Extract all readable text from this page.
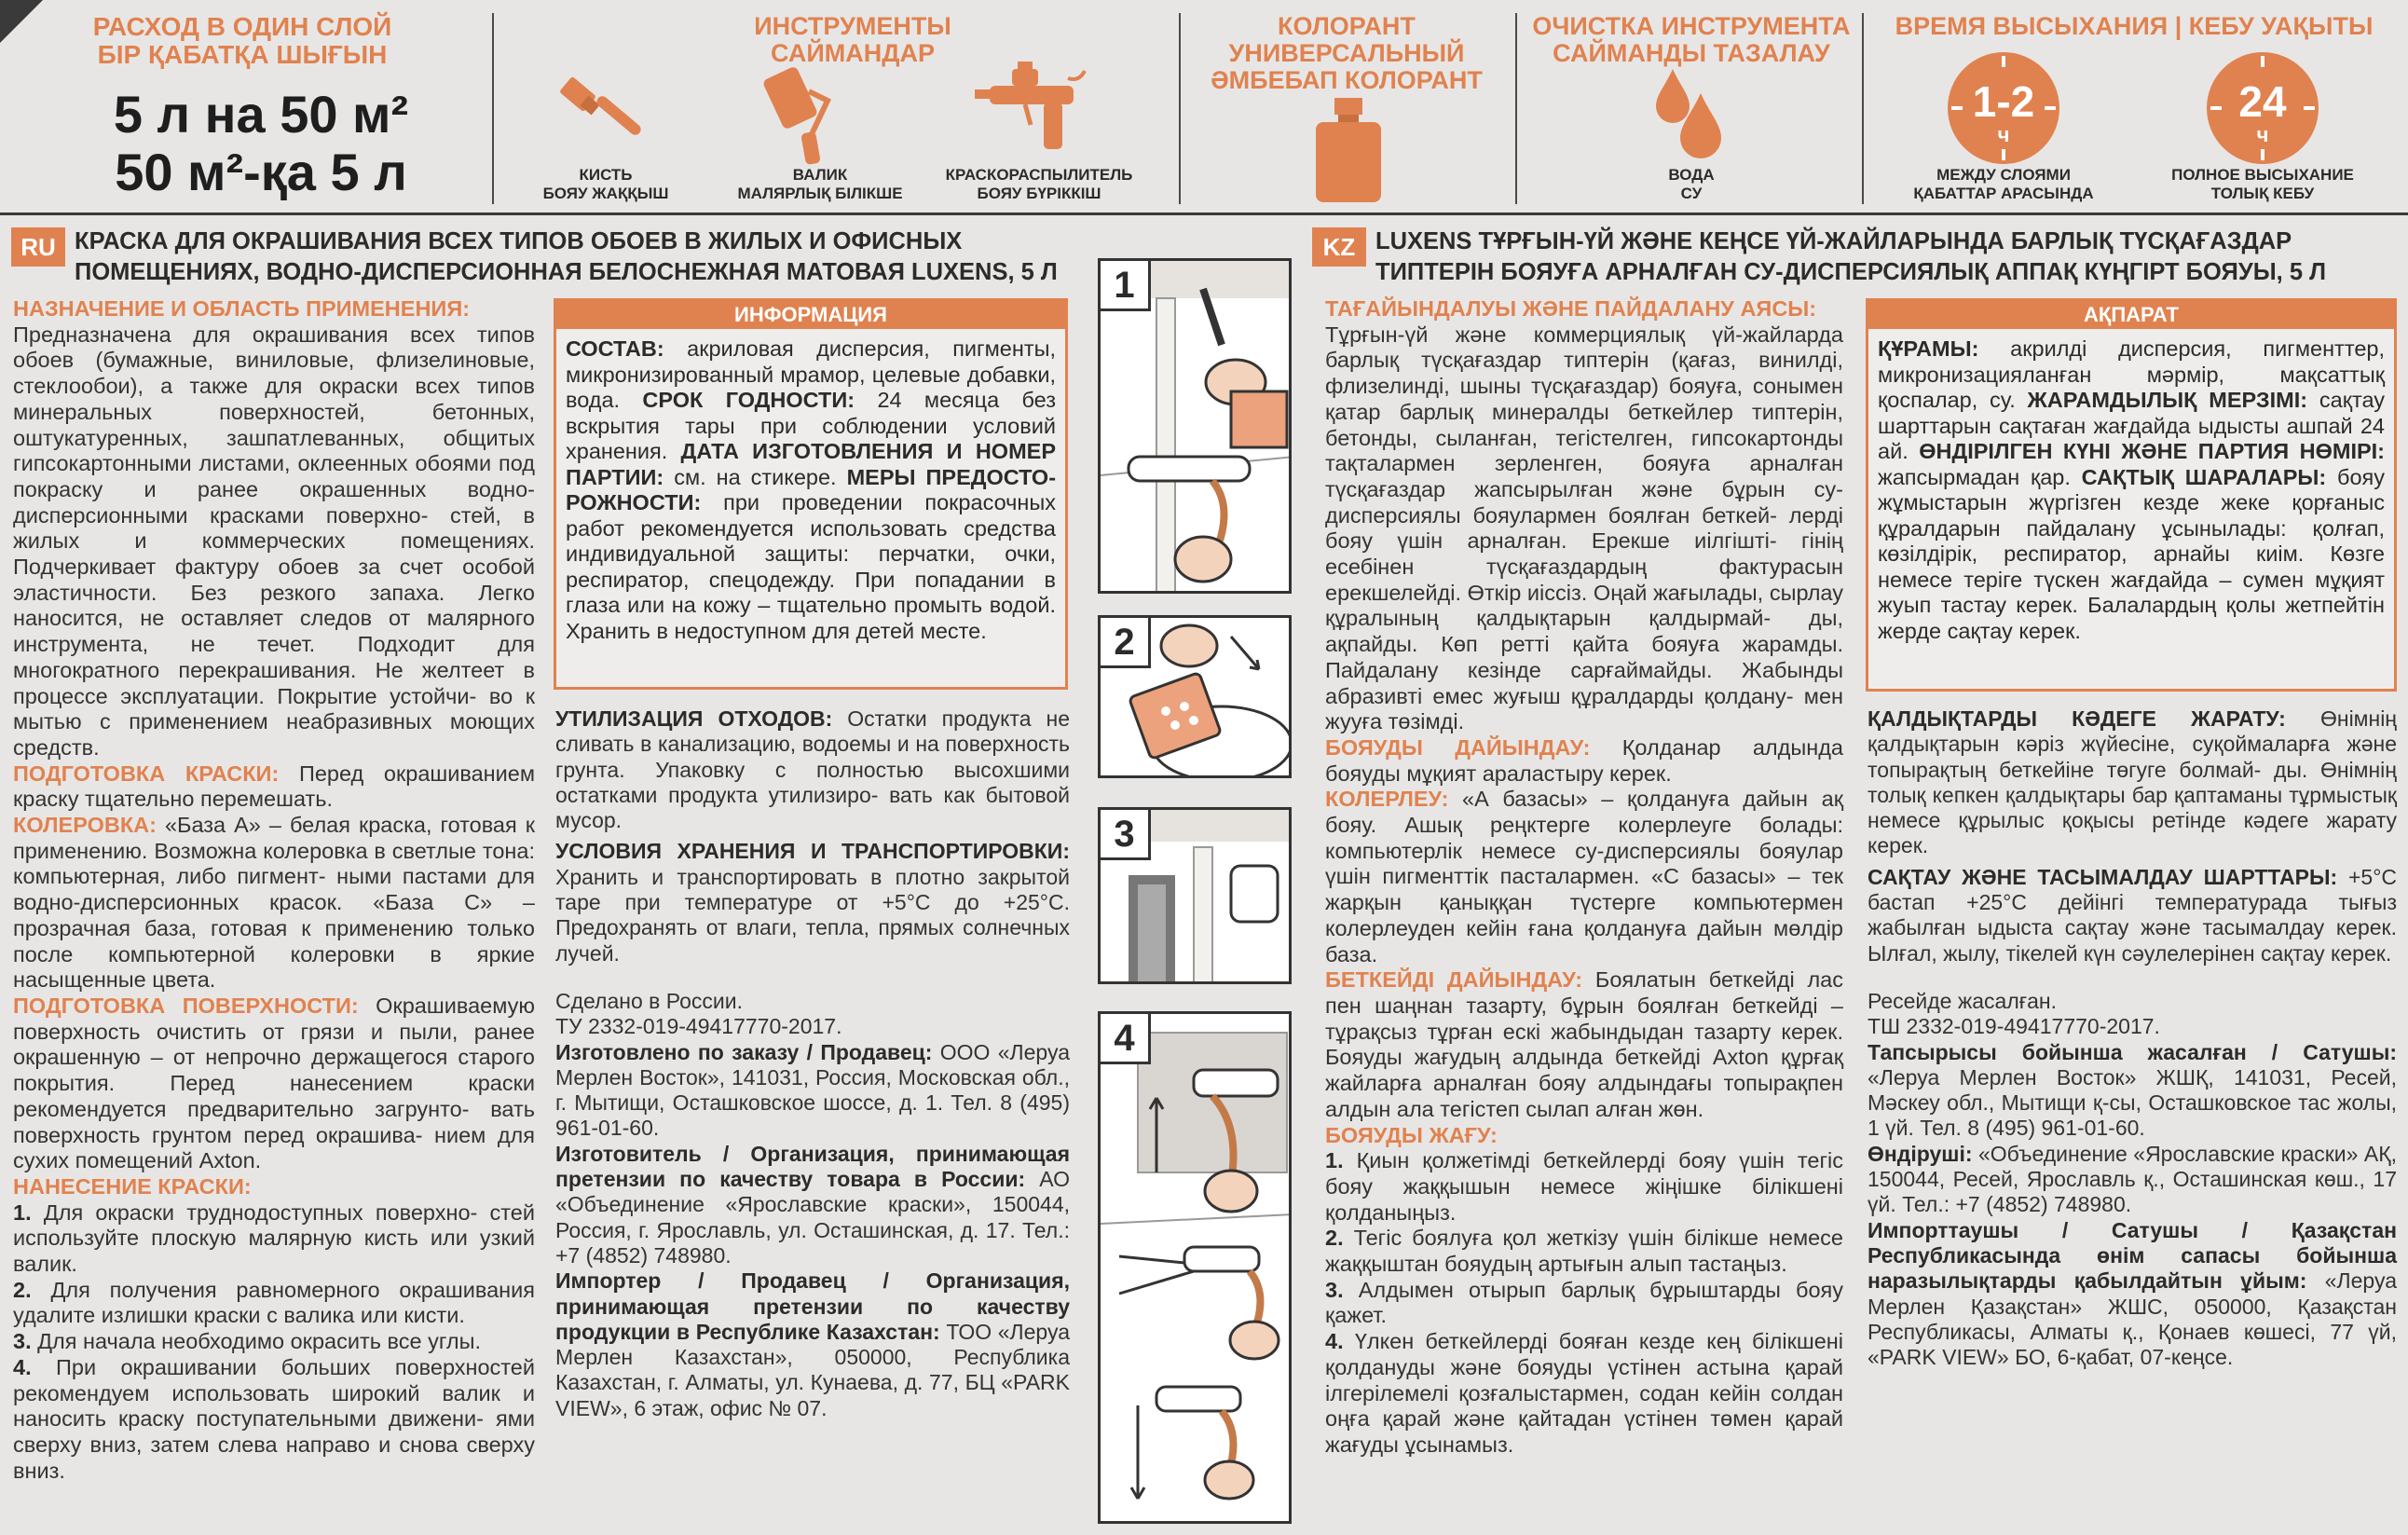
РАСХОД В ОДИН СЛОЙ
БІР ҚАБАТҚА ШЫҒЫН
5 л на 50 м²
50 м²-қа 5 л
ИНСТРУМЕНТЫ
САЙМАНДАР
КИСТЬ
БОЯУ ЖАҚҚЫШ
ВАЛИК
МАЛЯРЛЫҚ БІЛІКШЕ
КРАСКОРАСПЫЛИТЕЛЬ
БОЯУ БҮРІККІШ
КОЛОРАНТ
УНИВЕРСАЛЬНЫЙ
ӘМБЕБАП КОЛОРАНТ
ОЧИСТКА ИНСТРУМЕНТА
САЙМАНДЫ ТАЗАЛАУ
ВОДА
СУ
ВРЕМЯ ВЫСЫХАНИЯ | КЕБУ УАҚЫТЫ
1-2
ч
24
ч
МЕЖДУ СЛОЯМИ
ҚАБАТТАР АРАСЫНДА
ПОЛНОЕ ВЫСЫХАНИЕ
ТОЛЫҚ КЕБУ
RU КРАСКА ДЛЯ ОКРАШИВАНИЯ ВСЕХ ТИПОВ ОБОЕВ В ЖИЛЫХ И ОФИСНЫХ
ПОМЕЩЕНИЯХ, ВОДНО-ДИСПЕРСИОННАЯ БЕЛОСНЕЖНАЯ МАТОВАЯ LUXENS, 5 Л
KZ LUXENS ТҰРҒЫН-ҮЙ ЖӘНЕ КЕҢСЕ ҮЙ-ЖАЙЛАРЫНДА БАРЛЫҚ ТҮСҚАҒАЗДАР
ТИПТЕРІН БОЯУҒА АРНАЛҒАН СУ-ДИСПЕРСИЯЛЫҚ АППАҚ КҮҢГІРТ БОЯУЫ, 5 Л

НАЗНАЧЕНИЕ И ОБЛАСТЬ ПРИМЕНЕНИЯ:

Предназначена для окрашивания всех типов обоев (бумажные, виниловые, флизелиновые, стеклообои), а также для окраски всех типов минеральных поверхностей, бетонных, оштукатуренных, зашпатлеванных, общитых гипсокартонными листами, оклеенных обоями под покраску и ранее окрашенных водно- дисперсионными красками поверхно- стей, в жилых и коммерческих помещениях. Подчеркивает фактуру обоев за счет особой эластичности. Без резкого запаха. Легко наносится, не оставляет следов от малярного инструмента, не течет. Подходит для многократного перекрашивания. Не желтеет в процессе эксплуатации. Покрытие устойчи- во к мытью с применением неабразивных моющих средств.

ПОДГОТОВКА КРАСКИ: Перед окрашиванием краску тщательно перемешать.

КОЛЕРОВКА: «База А» – белая краска, готовая к применению. Возможна колеровка в светлые тона: компьютерная, либо пигмент- ными пастами для водно-дисперсионных красок. «База С» – прозрачная база, готовая к применению только после компьютерной колеровки в яркие насыщенные цвета.

ПОДГОТОВКА ПОВЕРХНОСТИ: Окрашиваемую поверхность очистить от грязи и пыли, ранее окрашенную – от непрочно держащегося старого покрытия. Перед нанесением краски рекомендуется предварительно загрунто- вать поверхность грунтом перед окрашива- нием для сухих помещений Axton.

НАНЕСЕНИЕ КРАСКИ:

1. Для окраски труднодоступных поверхно- стей используйте плоскую малярную кисть или узкий валик.

2. Для получения равномерного окрашивания удалите излишки краски с валика или кисти.

3. Для начала необходимо окрасить все углы.

4. При окрашивании больших поверхностей рекомендуем использовать широкий валик и наносить краску поступательными движени- ями сверху вниз, затем слева направо и снова сверху вниз.

ИНФОРМАЦИЯ
СОСТАВ: акриловая дисперсия, пигменты, микронизированный мрамор, целевые добавки, вода. СРОК ГОДНОСТИ: 24 месяца без вскрытия тары при соблюдении условий хранения. ДАТА ИЗГОТОВЛЕНИЯ И НОМЕР ПАРТИИ: см. на стикере. МЕРЫ ПРЕДОСТО- РОЖНОСТИ: при проведении покрасочных работ рекомендуется использовать средства индивидуальной защиты: перчатки, очки, респиратор, спецодежду. При попадании в глаза или на кожу – тщательно промыть водой. Хранить в недоступном для детей месте.

УТИЛИЗАЦИЯ ОТХОДОВ: Остатки продукта не сливать в канализацию, водоемы и на поверхность грунта. Упаковку с полностью высохшими остатками продукта утилизиро- вать как бытовой мусор.

УСЛОВИЯ ХРАНЕНИЯ И ТРАНСПОРТИРОВКИ: Хранить и транспортировать в плотно закрытой таре при температуре от +5°С до +25°С. Предохранять от влаги, тепла, прямых солнечных лучей.

Сделано в России.

ТУ 2332-019-49417770-2017.

Изготовлено по заказу / Продавец: ООО «Леруа Мерлен Восток», 141031, Россия, Московская обл., г. Мытищи, Осташковское шоссе, д. 1. Тел. 8 (495) 961-01-60.

Изготовитель / Организация, принимающая претензии по качеству товара в России: АО «Объединение «Ярославские краски», 150044, Россия, г. Ярославль, ул. Осташинская, д. 17. Тел.: +7 (4852) 748980.

Импортер / Продавец / Организация, принимающая претензии по качеству продукции в Республике Казахстан: ТОО «Леруа Мерлен Казахстан», 050000, Республика Казахстан, г. Алматы, ул. Кунаева, д. 77, БЦ «PARK VIEW», 6 этаж, офис № 07.

1
2
3
4

ТАҒАЙЫНДАЛУЫ ЖӘНЕ ПАЙДАЛАНУ АЯСЫ:

Тұрғын-үй және коммерциялық үй-жайларда барлық түсқағаздар типтерін (қағаз, винилді, флизелинді, шыны түсқағаздар) бояуға, сонымен қатар барлық минералды беткейлер типтерін, бетонды, сыланған, тегістелген, гипсокартонды тақталармен зерленген, бояуға арналған түсқағаздар жапсырылған және бұрын су-дисперсиялы бояулармен боялған беткей- лерді бояу үшін арналған. Ерекше иілгішті- гінің есебінен түсқағаздардың фактурасын ерекшелейді. Өткір иіссіз. Оңай жағылады, сырлау құралының қалдықтарын қалдырмай- ды, ақпайды. Көп ретті қайта бояуға жарамды. Пайдалану кезінде сарғаймайды. Жабынды абразивті емес жуғыш құралдарды қолдану- мен жууға төзімді.

БОЯУДЫ ДАЙЫНДАУ: Қолданар алдында бояуды мұқият араластыру керек.

КОЛЕРЛЕУ: «А базасы» – қолдануға дайын ақ бояу. Ашық реңктерге колерлеуге болады: компьютерлік немесе су-дисперсиялы бояулар үшін пигменттік пасталармен. «С базасы» – тек жарқын қаныққан түстерге компьютермен колерлеуден кейін ғана қолдануға дайын мөлдір база.

БЕТКЕЙДІ ДАЙЫНДАУ: Боялатын беткейді лас пен шаңнан тазарту, бұрын боялған беткейді – тұрақсыз тұрған ескі жабындыдан тазарту керек. Бояуды жағудың алдында беткейді Axton құрғақ жайларға арналған бояу алдындағы топырақпен алдын ала тегістеп сылап алған жөн.

БОЯУДЫ ЖАҒУ:

1. Қиын қолжетімді беткейлерді бояу үшін тегіс бояу жаққышын немесе жіңішке білікшені қолданыңыз.

2. Тегіс боялуға қол жеткізу үшін білікше немесе жаққыштан бояудың артығын алып тастаңыз.

3. Алдымен отырып барлық бұрыштарды бояу қажет.

4. Үлкен беткейлерді бояған кезде кең білікшені қолдануды және бояуды үстінен астына қарай ілгерілемелі қозғалыстармен, содан кейін солдан оңға қарай және қайтадан үстінен төмен қарай жағуды ұсынамыз.

АҚПАРАТ
ҚҰРАМЫ: акрилді дисперсия, пигменттер, микронизацияланған мәрмір, мақсаттық қоспалар, су. ЖАРАМДЫЛЫҚ МЕРЗІМІ: сақтау шарттарын сақтаған жағдайда ыдысты ашпай 24 ай. ӨНДІРІЛГЕН КҮНІ ЖӘНЕ ПАРТИЯ НӨМІРІ: жапсырмадан қар. САҚТЫҚ ШАРАЛАРЫ: бояу жұмыстарын жүргізген кезде жеке қорғаныс құралдарын пайдалану ұсынылады: қолғап, көзілдірік, респиратор, арнайы киім. Көзге немесе теріге түскен жағдайда – сумен мұқият жуып тастау керек. Балалардың қолы жетпейтін жерде сақтау керек.

ҚАЛДЫҚТАРДЫ КӘДЕГЕ ЖАРАТУ: Өнімнің қалдықтарын кәріз жүйесіне, суқоймаларға және топырақтың беткейіне төгуге болмай- ды. Өнімнің толық кепкен қалдықтары бар қаптаманы тұрмыстық немесе құрылыс қоқысы ретінде кәдеге жарату керек.

САҚТАУ ЖӘНЕ ТАСЫМАЛДАУ ШАРТТАРЫ: +5°С бастап +25°С дейінгі температурада тығыз жабылған ыдыста сақтау және тасымалдау керек. Ылғал, жылу, тікелей күн сәулелерінен сақтау керек.

Ресейде жасалған.

ТШ 2332-019-49417770-2017.

Тапсырысы бойынша жасалған / Сатушы: «Леруа Мерлен Восток» ЖШҚ, 141031, Ресей, Мәскеу обл., Мытищи қ-сы, Осташковское тас жолы, 1 үй. Тел. 8 (495) 961-01-60.

Өндіруші: «Объединение «Ярославские краски» АҚ, 150044, Ресей, Ярославль қ., Осташинская көш., 17 үй. Тел.: +7 (4852) 748980.

Импорттаушы / Сатушы / Қазақстан Республикасында өнім сапасы бойынша наразылықтарды қабылдайтын ұйым: «Леруа Мерлен Қазақстан» ЖШС, 050000, Қазақстан Республикасы, Алматы қ., Қонаев көшесі, 77 үй, «PARK VIEW» БО, 6-қабат, 07-кеңсе.
